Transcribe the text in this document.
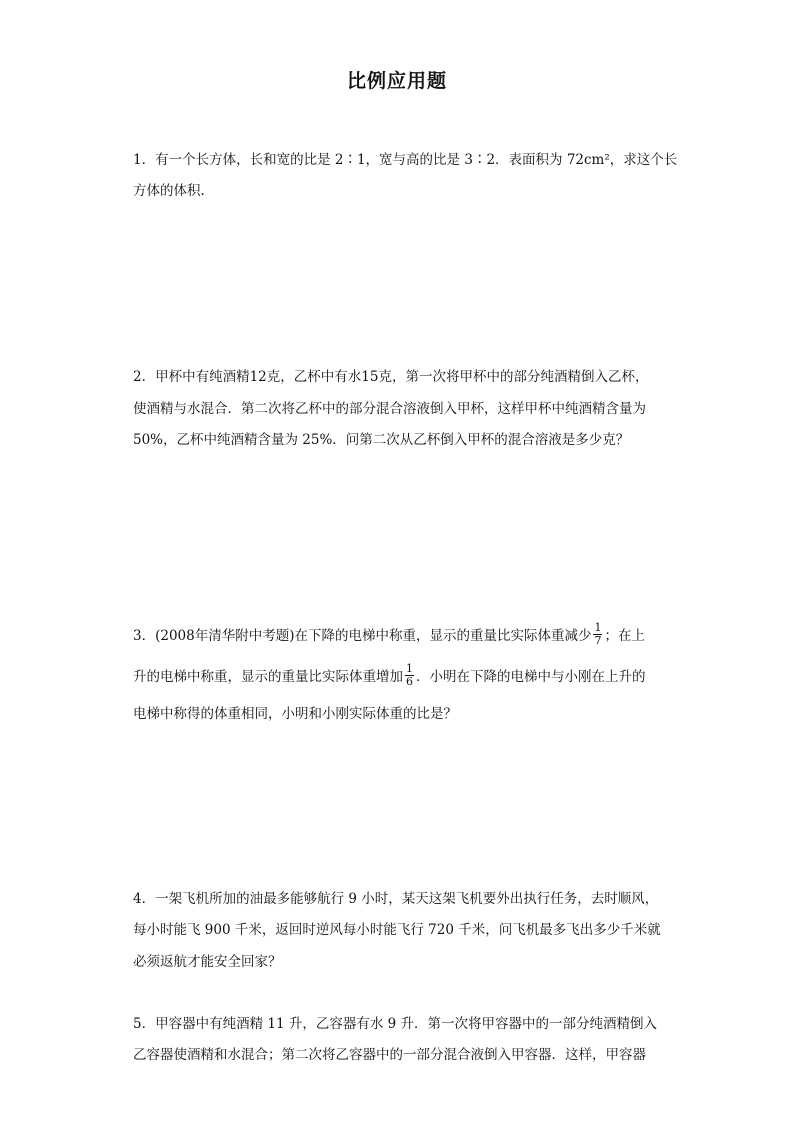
比例应用题
1．有一个长方体，长和宽的比是 2∶1，宽与高的比是 3∶2．表面积为 72cm²，求这个长
方体的体积.
2．甲杯中有纯酒精12克，乙杯中有水15克，第一次将甲杯中的部分纯酒精倒入乙杯，
使酒精与水混合．第二次将乙杯中的部分混合溶液倒入甲杯，这样甲杯中纯酒精含量为
50%，乙杯中纯酒精含量为 25%．问第二次从乙杯倒入甲杯的混合溶液是多少克？
3．(2008年清华附中考题)在下降的电梯中称重，显示的重量比实际体重减少 $\frac{1}{7}$ ；在上
升的电梯中称重，显示的重量比实际体重增加 $\frac{1}{6}$ ．小明在下降的电梯中与小刚在上升的
电梯中称得的体重相同，小明和小刚实际体重的比是？
4．一架飞机所加的油最多能够航行 9 小时，某天这架飞机要外出执行任务，去时顺风，
每小时能飞 900 千米，返回时逆风每小时能飞行 720 千米，问飞机最多飞出多少千米就
必须返航才能安全回家？
5．甲容器中有纯酒精 11 升，乙容器有水 9 升．第一次将甲容器中的一部分纯酒精倒入
乙容器使酒精和水混合；第二次将乙容器中的一部分混合液倒入甲容器．这样，甲容器
